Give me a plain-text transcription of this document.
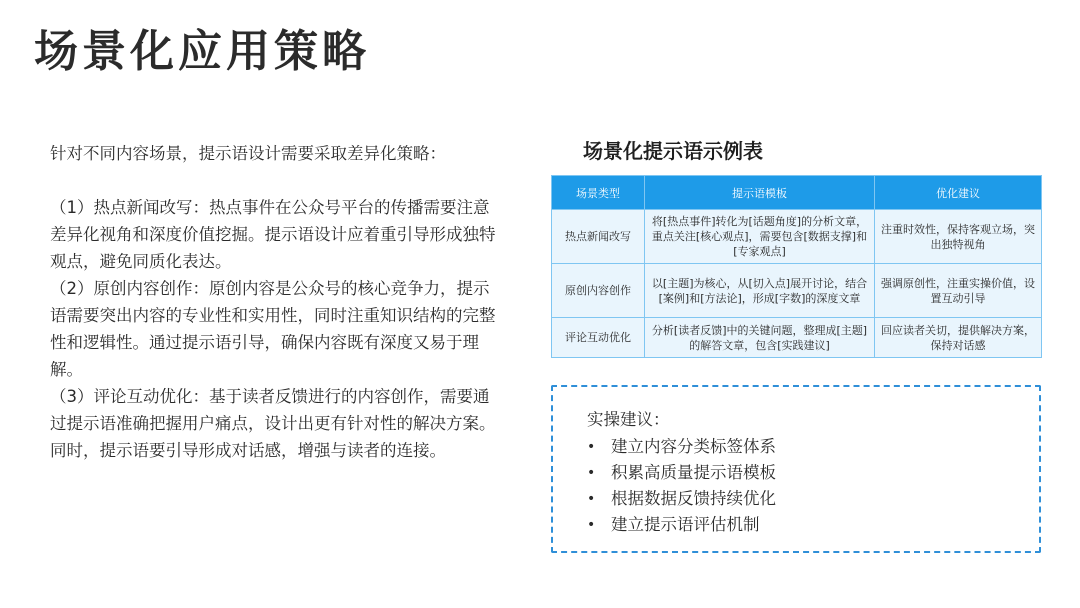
场景化应用策略

针对不同内容场景，提示语设计需要采取差异化策略：

（1）热点新闻改写：热点事件在公众号平台的传播需要注意差异化视角和深度价值挖掘。提示语设计应着重引导形成独特观点，避免同质化表达。

（2）原创内容创作：原创内容是公众号的核心竞争力，提示语需要突出内容的专业性和实用性，同时注重知识结构的完整性和逻辑性。通过提示语引导，确保内容既有深度又易于理解。

（3）评论互动优化：基于读者反馈进行的内容创作，需要通过提示语准确把握用户痛点，设计出更有针对性的解决方案。同时，提示语要引导形成对话感，增强与读者的连接。

场景化提示语示例表
场景类型	提示语模板	优化建议
热点新闻改写	将[热点事件]转化为[话题角度]的分析文章，重点关注[核心观点]，需要包含[数据支撑]和[专家观点]	注重时效性，保持客观立场，突出独特视角
原创内容创作	以[主题]为核心，从[切入点]展开讨论，结合[案例]和[方法论]，形成[字数]的深度文章	强调原创性，注重实操价值，设置互动引导
评论互动优化	分析[读者反馈]中的关键问题，整理成[主题]的解答文章，包含[实践建议]	回应读者关切，提供解决方案，保持对话感
实操建议：
• 建立内容分类标签体系
• 积累高质量提示语模板
• 根据数据反馈持续优化
• 建立提示语评估机制
